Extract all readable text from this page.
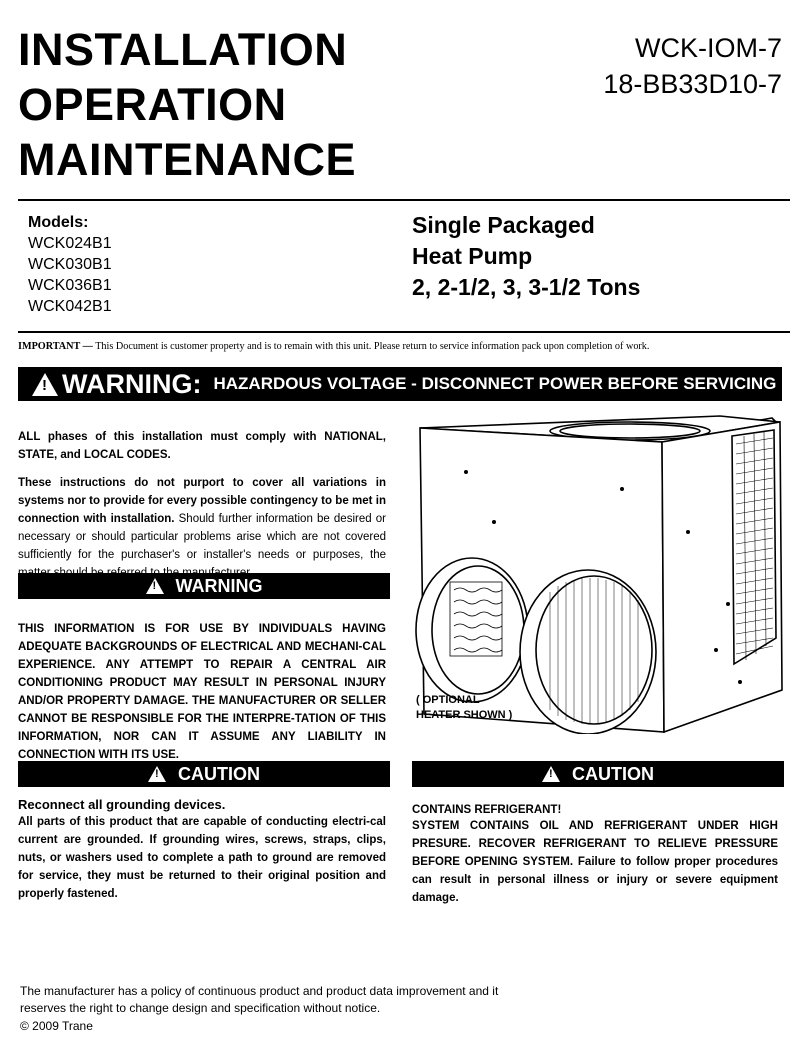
INSTALLATION
OPERATION
MAINTENANCE
WCK-IOM-7
18-BB33D10-7
Models:
WCK024B1
WCK030B1
WCK036B1
WCK042B1
Single Packaged
Heat Pump
2, 2-1/2, 3, 3-1/2 Tons
IMPORTANT — This Document is customer property and is to remain with this unit. Please return to service information pack upon completion of work.
! WARNING: HAZARDOUS VOLTAGE - DISCONNECT POWER BEFORE SERVICING
ALL phases of this installation must comply with NATIONAL, STATE, and LOCAL CODES.
These instructions do not purport to cover all variations in systems nor to provide for every possible contingency to be met in connection with installation. Should further information be desired or necessary or should particular problems arise which are not covered sufficiently for the purchaser's or installer's needs or purposes, the
! WARNING
THIS INFORMATION IS FOR USE BY INDIVIDUALS HAVING ADEQUATE BACKGROUNDS OF ELECTRICAL AND MECHANI-CAL EXPERIENCE. ANY ATTEMPT TO REPAIR A CENTRAL AIR CONDITIONING PRODUCT MAY RESULT IN PERSONAL INJURY AND/OR PROPERTY DAMAGE. THE MANUFACTURER OR SELLER CANNOT BE RESPONSIBLE FOR THE INTERPRE-TATION OF THIS INFORMATION, NOR CAN IT ASSUME ANY LIABILITY IN CONNECTION WITH ITS USE.
( OPTIONAL
HEATER SHOWN )
! CAUTION
Reconnect all grounding devices.
All parts of this product that are capable of conducting electri-cal current are grounded. If grounding wires, screws, straps, clips, nuts, or washers used to complete a path to ground are removed for service, they must be returned to their original position and properly fastened.
! CAUTION
CONTAINS REFRIGERANT!
SYSTEM CONTAINS OIL AND REFRIGERANT UNDER HIGH PRESURE. RECOVER REFRIGERANT TO RELIEVE PRESSURE BEFORE OPENING SYSTEM. Failure to follow proper procedures can result in personal illness or injury or severe equipment damage.
The manufacturer has a policy of continuous product and product data improvement and it reserves the right to change design and specification without notice.
© 2009 Trane
